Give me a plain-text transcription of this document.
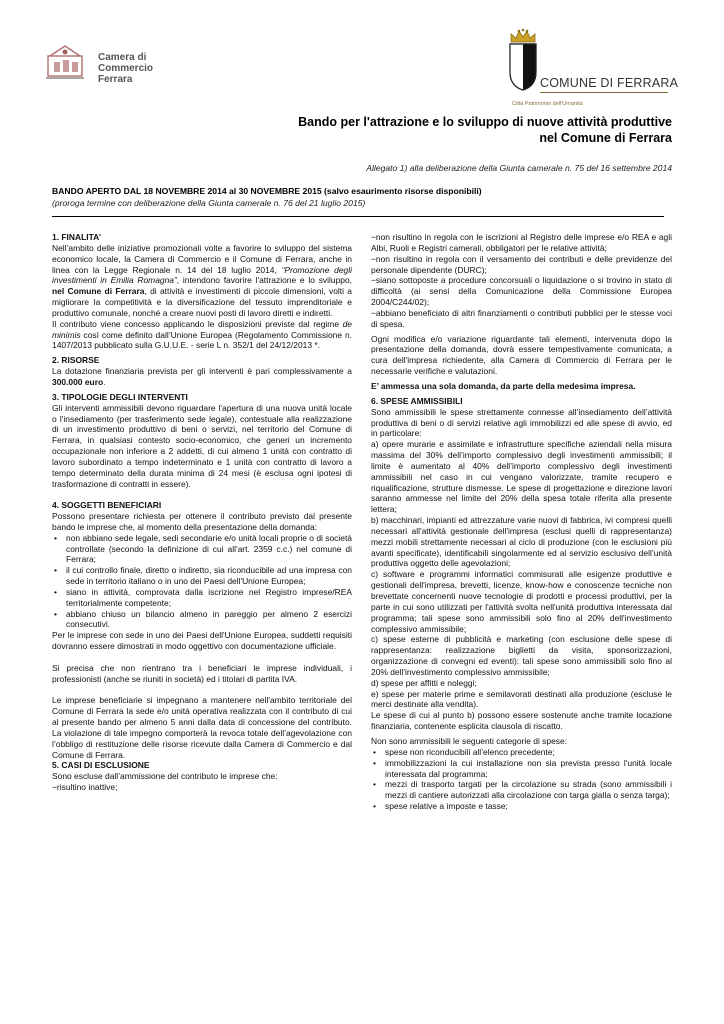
Camera di Commercio
Ferrara	COMUNE DI FERRARA
Città Patrimonio dell'Umanità
Bando per l'attrazione e lo sviluppo di nuove attività produttive
nel Comune di Ferrara
Allegato 1) alla deliberazione della Giunta camerale n. 75 del 16 settembre 2014
BANDO APERTO DAL 18 NOVEMBRE 2014 al 30 NOVEMBRE 2015 (salvo esaurimento risorse disponibili)
(proroga termine con deliberazione della Giunta camerale n. 76 del 21 luglio 2015)
1. FINALITA’

Nell’ambito delle iniziative promozionali volte a favorire lo sviluppo del sistema economico locale, la Camera di Commercio e il Comune di Ferrara, anche in linea con la Legge Regionale n. 14 del 18 luglio 2014, “Promozione degli investimenti in Emilia Romagna”, intendono favorire l'attrazione e lo sviluppo, nel Comune di Ferrara, di attività e investimenti di piccole dimensioni, volti a migliorare la competitività e la diversificazione del tessuto imprenditoriale e produttivo comunale, nonché a creare nuovi posti di lavoro diretti e indiretti.

Il contributo viene concesso applicando le disposizioni previste dal regime de minimis così come definito dall’Unione Europea (Regolamento Commissione n. 1407/2013 pubblicato sulla G.U.U.E. - serie L n. 352/1 del 24/12/2013 *.

2. RISORSE

La dotazione finanziaria prevista per gli interventi è pari complessivamente a 300.000 euro.

3. TIPOLOGIE DEGLI INTERVENTI

Gli interventi ammissibili devono riguardare l'apertura di una nuova unità locale o l'insediamento (per trasferimento sede legale), contestuale alla realizzazione di un investimento produttivo di beni o servizi, nel territorio del Comune di Ferrara, in qualsiasi contesto socio-economico, che generi un incremento occupazionale non inferiore a 2 addetti, di cui almeno 1 unità con contratto di lavoro subordinato a tempo indeterminato e 1 unità con contratto di lavoro a tempo determinato della durata minima di 24 mesi (è esclusa ogni ipotesi di trasformazione di contratti in essere).

4. SOGGETTI BENEFICIARI

Possono presentare richiesta per ottenere il contributo previsto dal presente bando le imprese che, al momento della presentazione della domanda:

• non abbiano sede legale, sedi secondarie e/o unità locali proprie o di società controllate (secondo la definizione di cui all'art. 2359 c.c.) nel comune di Ferrara;

• il cui controllo finale, diretto o indiretto, sia riconducibile ad una impresa con sede in territorio italiano o in uno dei Paesi dell'Unione Europea;

• siano in attività, comprovata dalla iscrizione nel Registro imprese/REA territorialmente competente;

• abbiano chiuso un bilancio almeno in pareggio per almeno 2 esercizi consecutivi.

Per le imprese con sede in uno dei Paesi dell'Unione Europea, suddetti requisiti dovranno essere dimostrati in modo oggettivo con documentazione ufficiale.

Si precisa che non rientrano tra i beneficiari le imprese individuali, i professionisti (anche se riuniti in società) ed i titolari di partita IVA.

Le imprese beneficiarie si impegnano a mantenere nell'ambito territoriale del Comune di Ferrara la sede e/o unità operativa realizzata con il contributo di cui al presente bando per almeno 5 anni dalla data di concessione del contributo. La violazione di tale impegno comporterà la revoca totale dell’agevolazione con l’obbligo di restituzione delle risorse ricevute dalla Camera di Commercio e dal Comune di Ferrara.

5. CASI DI ESCLUSIONE

Sono escluse dall’ammissione del contributo le imprese che:

−risultino inattive;

−non risultino in regola con le iscrizioni al Registro delle imprese e/o REA e agli Albi, Ruoli e Registri camerali, obbligatori per le relative attività;

−non risultino in regola con il versamento dei contributi e delle previdenze del personale dipendente (DURC);

−siano sottoposte a procedure concorsuali o liquidazione o si trovino in stato di difficoltà (ai sensi della Comunicazione della Commissione Europea 2004/C244/02);

−abbiano beneficiato di altri finanziamenti o contributi pubblici per le stesse voci di spesa.

Ogni modifica e/o variazione riguardante tali elementi, intervenuta dopo la presentazione della domanda, dovrà essere tempestivamente comunicata, a cura dell'impresa richiedente, alla Camera di Commercio di Ferrara per le necessarie verifiche e valutazioni.

E’ ammessa una sola domanda, da parte della medesima impresa.

6. SPESE AMMISSIBILI

Sono ammissibili le spese strettamente connesse all’insediamento dell’attività produttiva di beni o di servizi relative agli immobilizzi ed alle spese di avvio, ed in particolare:

a) opere murarie e assimilate e infrastrutture specifiche aziendali nella misura massima del 30% dell’importo complessivo degli investimenti ammissibili; il limite è aumentato al 40% dell’importo complessivo degli investimenti ammissibili nel caso in cui vengano valorizzate, tramite recupero e riqualificazione, strutture dismesse. Le spese di progettazione e direzione lavori saranno ammesse nel limite del 20% della spesa totale riferita alla presente lettera;

b) macchinari, impianti ed attrezzature varie nuovi di fabbrica, ivi compresi quelli necessari all'attività gestionale dell'impresa (esclusi quelli di rappresentanza) mezzi mobili strettamente necessari al ciclo di produzione (con le esclusioni più avanti specificate), identificabili singolarmente ed al servizio esclusivo dell’unità produttiva oggetto delle agevolazioni;

c) software e programmi informatici commisurati alle esigenze produttive e gestionali dell'impresa, brevetti, licenze, know-how e conoscenze tecniche non brevettate concernenti nuove tecnologie di prodotti e processi produttivi, per la parte in cui sono utilizzati per l'attività svolta nell'unità produttiva interessata dal programma; tali spese sono ammissibili solo fino al 20% dell'investimento complessivo ammissibile;

c) spese esterne di pubblicità e marketing (con esclusione delle spese di rappresentanza: realizzazione biglietti da visita, sponsorizzazioni, organizzazione di convegni ed eventi): tali spese sono ammissibili solo fino al 20% dell'investimento complessivo ammissibile;

d) spese per affitti e noleggi;

e) spese per materie prime e semilavorati destinati alla produzione (escluse le merci destinate alla vendita).

Le spese di cui al punto b) possono essere sostenute anche tramite locazione finanziaria, contenente esplicita clausola di riscatto.

Non sono ammissibili le seguenti categorie di spese:

• spese non riconducibili all’elenco precedente;

• immobilizzazioni la cui installazione non sia prevista presso l'unità locale interessata dal programma;

• mezzi di trasporto targati per la circolazione su strada (sono ammissibili i mezzi di cantiere autorizzati alla circolazione con targa gialla o senza targa);

• spese relative a imposte e tasse;
